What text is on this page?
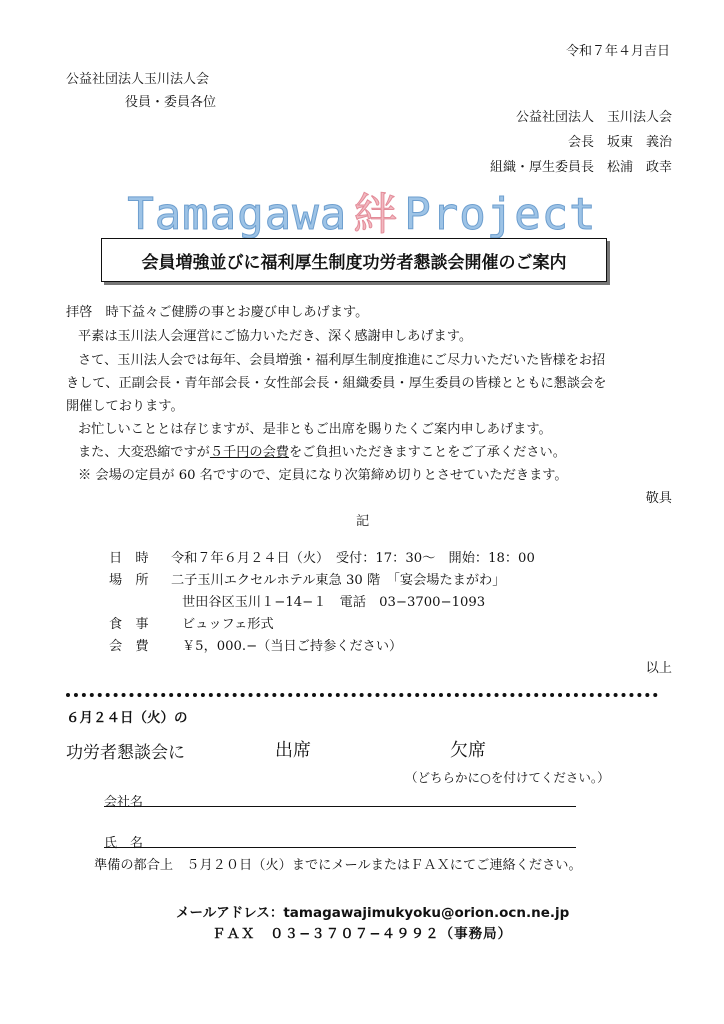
令和７年４月吉日
公益社団法人玉川法人会
役員・委員各位
公益社団法人　玉川法人会
会長　坂東　義治
組織・厚生委員長　松浦　政幸
Tamagawa 絆 Project
会員増強並びに福利厚生制度功労者懇談会開催のご案内
拝啓　時下益々ご健勝の事とお慶び申しあげます。
平素は玉川法人会運営にご協力いただき、深く感謝申しあげます。
さて、玉川法人会では毎年、会員増強・福利厚生制度推進にご尽力いただいた皆様をお招
きして、正副会長・青年部会長・女性部会長・組織委員・厚生委員の皆様とともに懇談会を
開催しております。
お忙しいこととは存じますが、是非ともご出席を賜りたくご案内申しあげます。
また、大変恐縮ですが５千円の会費をご負担いただきますことをご了承ください。
※ 会場の定員が 60 名ですので、定員になり次第締め切りとさせていただきます。
敬具
記
日　時 令和７年６月２４日（火）　受付：17：30～　開始：18：00
場　所 二子玉川エクセルホテル東急 30 階　「宴会場たまがわ」
世田谷区玉川１−14−１　電話　03−3700−1093
食　事	ビュッフェ形式
会　費	￥5，000.−（当日ご持参ください）
以上
６月２４日（火）の
功労者懇談会に	出席	欠席
（どちらかに○を付けてください。）
会社名
氏　名
準備の都合上　５月２０日（火）までにメールまたはＦＡＸにてご連絡ください。
メールアドレス：tamagawajimukyoku@orion.ocn.ne.jp
ＦＡＸ　０３−３７０７−４９９２（事務局）
